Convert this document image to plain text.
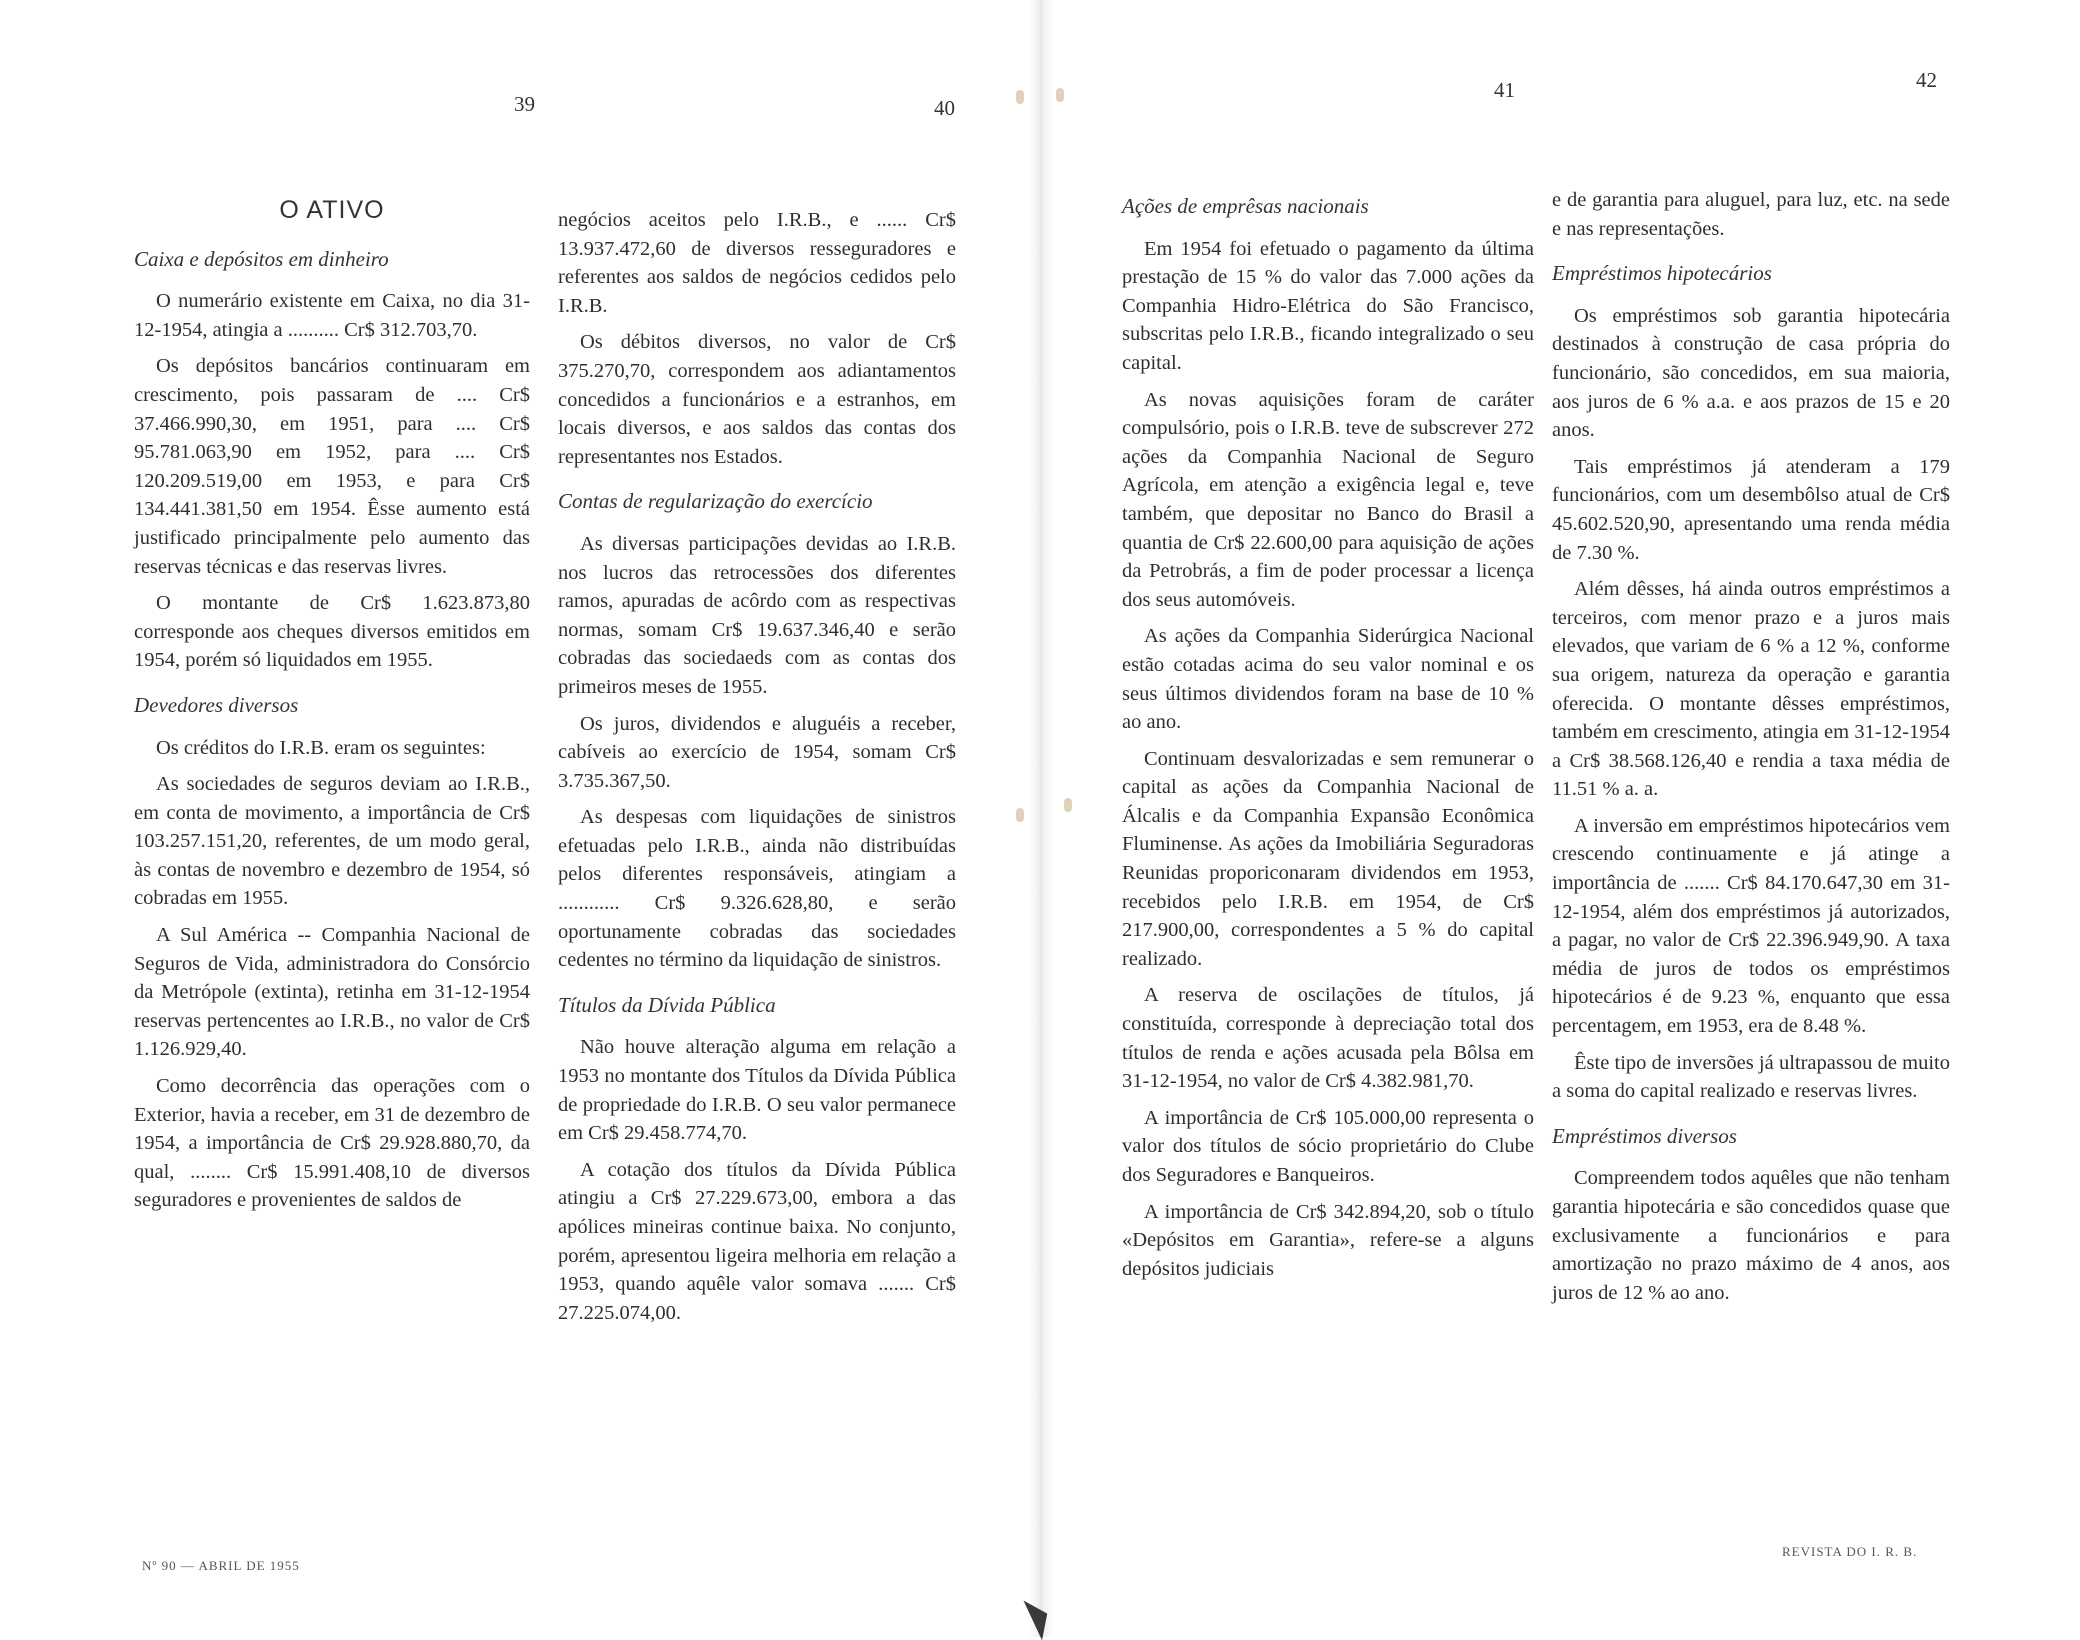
39	40
41	42
O ATIVO
Caixa e depósitos em dinheiro

O numerário existente em Caixa, no dia 31-12-1954, atingia a .......... Cr$ 312.703,70.

Os depósitos bancários continuaram em crescimento, pois passaram de .... Cr$ 37.466.990,30, em 1951, para .... Cr$ 95.781.063,90 em 1952, para .... Cr$ 120.209.519,00 em 1953, e para Cr$ 134.441.381,50 em 1954. Êsse aumento está justificado principalmente pelo aumento das reservas técnicas e das reservas livres.

O montante de Cr$ 1.623.873,80 corresponde aos cheques diversos emitidos em 1954, porém só liquidados em 1955.

Devedores diversos

Os créditos do I.R.B. eram os seguintes:

As sociedades de seguros deviam ao I.R.B., em conta de movimento, a importância de Cr$ 103.257.151,20, referentes, de um modo geral, às contas de novembro e dezembro de 1954, só cobradas em 1955.

A Sul América -- Companhia Nacional de Seguros de Vida, administradora do Consórcio da Metrópole (extinta), retinha em 31-12-1954 reservas pertencentes ao I.R.B., no valor de Cr$ 1.126.929,40.

Como decorrência das operações com o Exterior, havia a receber, em 31 de dezembro de 1954, a importância de Cr$ 29.928.880,70, da qual, ........ Cr$ 15.991.408,10 de diversos seguradores e provenientes de saldos de

negócios aceitos pelo I.R.B., e ...... Cr$ 13.937.472,60 de diversos resseguradores e referentes aos saldos de negócios cedidos pelo I.R.B.

Os débitos diversos, no valor de Cr$ 375.270,70, correspondem aos adiantamentos concedidos a funcionários e a estranhos, em locais diversos, e aos saldos das contas dos representantes nos Estados.

Contas de regularização do exercício

As diversas participações devidas ao I.R.B. nos lucros das retrocessões dos diferentes ramos, apuradas de acôrdo com as respectivas normas, somam Cr$ 19.637.346,40 e serão cobradas das sociedaeds com as contas dos primeiros meses de 1955.

Os juros, dividendos e aluguéis a receber, cabíveis ao exercício de 1954, somam Cr$ 3.735.367,50.

As despesas com liquidações de sinistros efetuadas pelo I.R.B., ainda não distribuídas pelos diferentes responsáveis, atingiam a ............ Cr$ 9.326.628,80, e serão oportunamente cobradas das sociedades cedentes no término da liquidação de sinistros.

Títulos da Dívida Pública

Não houve alteração alguma em relação a 1953 no montante dos Títulos da Dívida Pública de propriedade do I.R.B. O seu valor permanece em Cr$ 29.458.774,70.

A cotação dos títulos da Dívida Pública atingiu a Cr$ 27.229.673,00, embora a das apólices mineiras continue baixa. No conjunto, porém, apresentou ligeira melhoria em relação a 1953, quando aquêle valor somava ....... Cr$ 27.225.074,00.

Ações de emprêsas nacionais

Em 1954 foi efetuado o pagamento da última prestação de 15 % do valor das 7.000 ações da Companhia Hidro-Elétrica do São Francisco, subscritas pelo I.R.B., ficando integralizado o seu capital.

As novas aquisições foram de caráter compulsório, pois o I.R.B. teve de subscrever 272 ações da Companhia Nacional de Seguro Agrícola, em atenção a exigência legal e, teve também, que depositar no Banco do Brasil a quantia de Cr$ 22.600,00 para aquisição de ações da Petrobrás, a fim de poder processar a licença dos seus automóveis.

As ações da Companhia Siderúrgica Nacional estão cotadas acima do seu valor nominal e os seus últimos dividendos foram na base de 10 % ao ano.

Continuam desvalorizadas e sem remunerar o capital as ações da Companhia Nacional de Álcalis e da Companhia Expansão Econômica Fluminense. As ações da Imobiliária Seguradoras Reunidas proporiconaram dividendos em 1953, recebidos pelo I.R.B. em 1954, de Cr$ 217.900,00, correspondentes a 5 % do capital realizado.

A reserva de oscilações de títulos, já constituída, corresponde à depreciação total dos títulos de renda e ações acusada pela Bôlsa em 31-12-1954, no valor de Cr$ 4.382.981,70.

A importância de Cr$ 105.000,00 representa o valor dos títulos de sócio proprietário do Clube dos Seguradores e Banqueiros.

A importância de Cr$ 342.894,20, sob o título «Depósitos em Garantia», refere-se a alguns depósitos judiciais

e de garantia para aluguel, para luz, etc. na sede e nas representações.

Empréstimos hipotecários

Os empréstimos sob garantia hipotecária destinados à construção de casa própria do funcionário, são concedidos, em sua maioria, aos juros de 6 % a.a. e aos prazos de 15 e 20 anos.

Tais empréstimos já atenderam a 179 funcionários, com um desembôlso atual de Cr$ 45.602.520,90, apresentando uma renda média de 7.30 %.

Além dêsses, há ainda outros empréstimos a terceiros, com menor prazo e a juros mais elevados, que variam de 6 % a 12 %, conforme sua origem, natureza da operação e garantia oferecida. O montante dêsses empréstimos, também em crescimento, atingia em 31-12-1954 a Cr$ 38.568.126,40 e rendia a taxa média de 11.51 % a. a.

A inversão em empréstimos hipotecários vem crescendo continuamente e já atinge a importância de ....... Cr$ 84.170.647,30 em 31-12-1954, além dos empréstimos já autorizados, a pagar, no valor de Cr$ 22.396.949,90. A taxa média de juros de todos os empréstimos hipotecários é de 9.23 %, enquanto que essa percentagem, em 1953, era de 8.48 %.

Êste tipo de inversões já ultrapassou de muito a soma do capital realizado e reservas livres.

Empréstimos diversos

Compreendem todos aquêles que não tenham garantia hipotecária e são concedidos quase que exclusivamente a funcionários e para amortização no prazo máximo de 4 anos, aos juros de 12 % ao ano.

Nº 90 — ABRIL DE 1955
REVISTA DO I. R. B.
